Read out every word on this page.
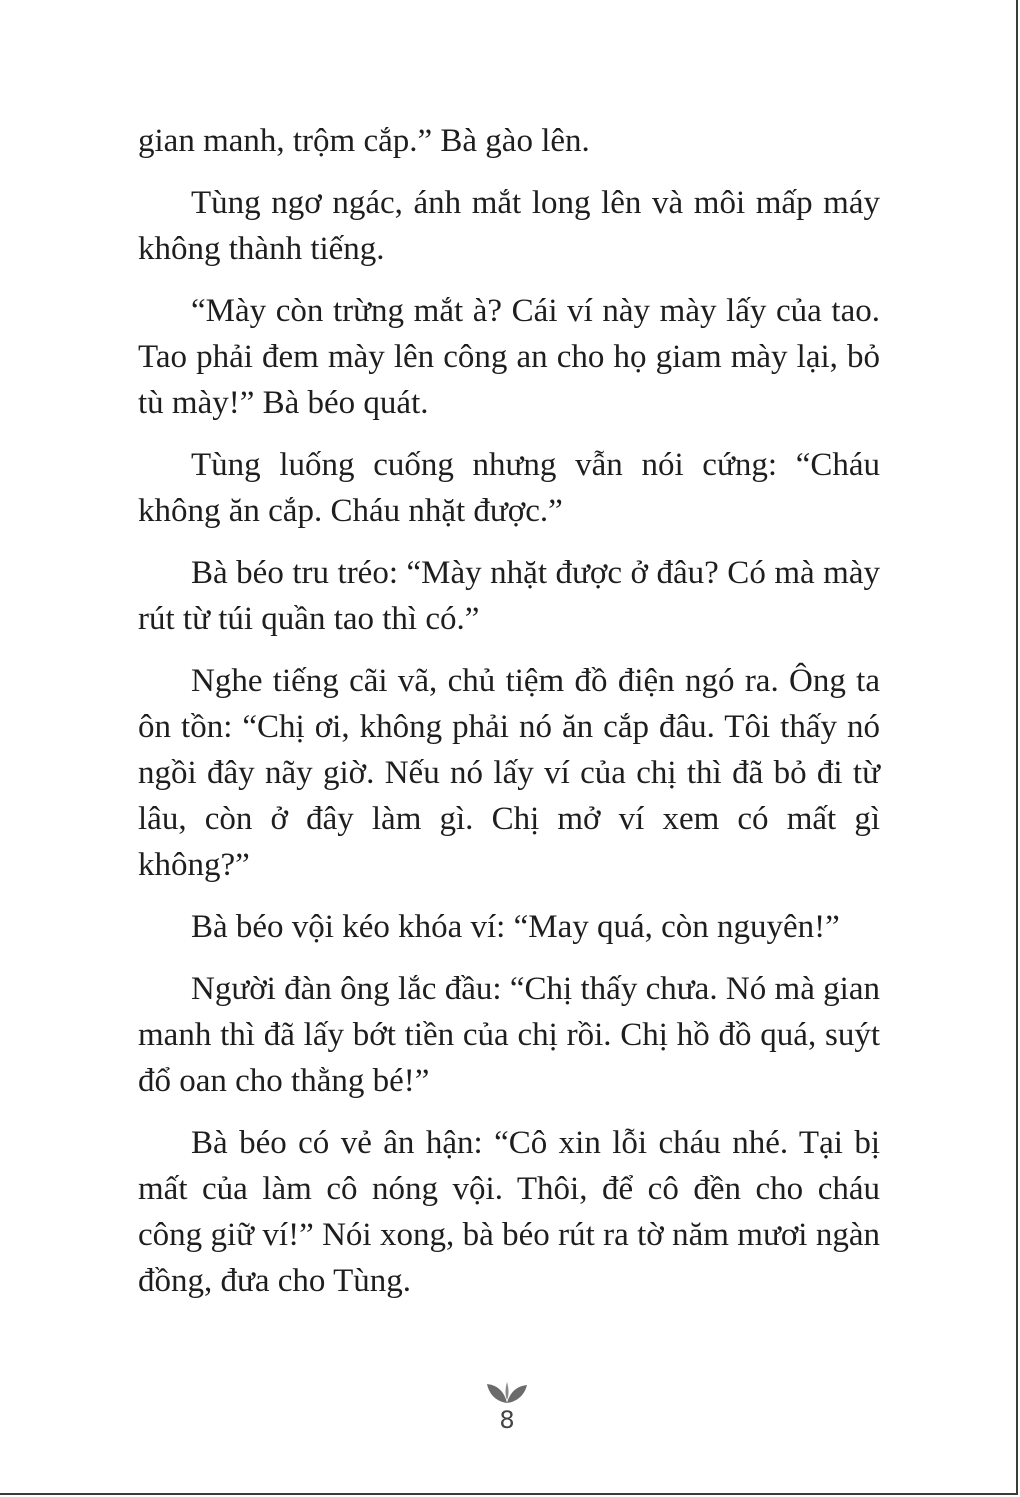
gian manh, trộm cắp.” Bà gào lên.

Tùng ngơ ngác, ánh mắt long lên và môi mấp máy không thành tiếng.

“Mày còn trừng mắt à? Cái ví này mày lấy của tao. Tao phải đem mày lên công an cho họ giam mày lại, bỏ tù mày!” Bà béo quát.

Tùng luống cuống nhưng vẫn nói cứng: “Cháu không ăn cắp. Cháu nhặt được.”

Bà béo tru tréo: “Mày nhặt được ở đâu? Có mà mày rút từ túi quần tao thì có.”

Nghe tiếng cãi vã, chủ tiệm đồ điện ngó ra. Ông ta ôn tồn: “Chị ơi, không phải nó ăn cắp đâu. Tôi thấy nó ngồi đây nãy giờ. Nếu nó lấy ví của chị thì đã bỏ đi từ lâu, còn ở đây làm gì. Chị mở ví xem có mất gì không?”

Bà béo vội kéo khóa ví: “May quá, còn nguyên!”

Người đàn ông lắc đầu: “Chị thấy chưa. Nó mà gian manh thì đã lấy bớt tiền của chị rồi. Chị hồ đồ quá, suýt đổ oan cho thằng bé!”

Bà béo có vẻ ân hận: “Cô xin lỗi cháu nhé. Tại bị mất của làm cô nóng vội. Thôi, để cô đền cho cháu công giữ ví!” Nói xong, bà béo rút ra tờ năm mươi ngàn đồng, đưa cho Tùng.

8
